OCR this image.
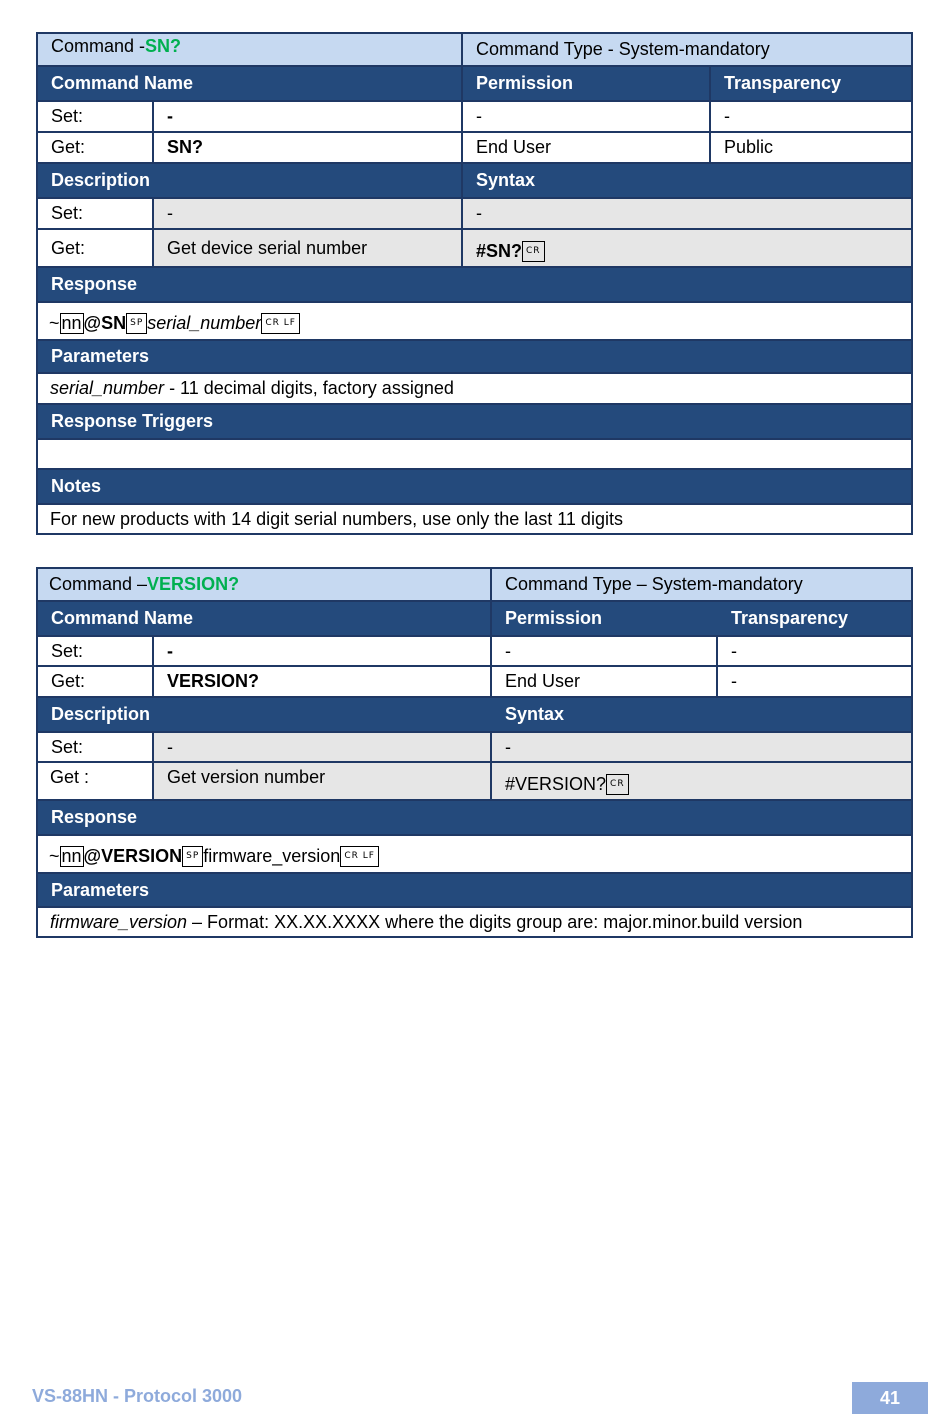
Command - SN?	Command Type - System-mandatory
Command Name	Permission	Transparency
Set:	-	-	-
Get:	SN?	End User	Public
Description	Syntax
Set:	-	-
Get:	Get device serial number	#SN? CR
Response
~ nn @SN SP serial_number CR LF
Parameters
serial_number - 11 decimal digits, factory assigned
Response Triggers
Notes
For new products with 14 digit serial numbers, use only the last 11 digits
Command – VERSION?	Command Type – System-mandatory
Command Name	Permission	Transparency
Set:	-	-	-
Get:	VERSION?	End User	-
Description	Syntax
Set:	-	-
Get :	Get version number	#VERSION? CR
Response
~ nn @VERSION SP firmware_version CR LF
Parameters
firmware_version – Format: XX.XX.XXXX where the digits group are: major.minor.build version
VS-88HN - Protocol 3000	41
